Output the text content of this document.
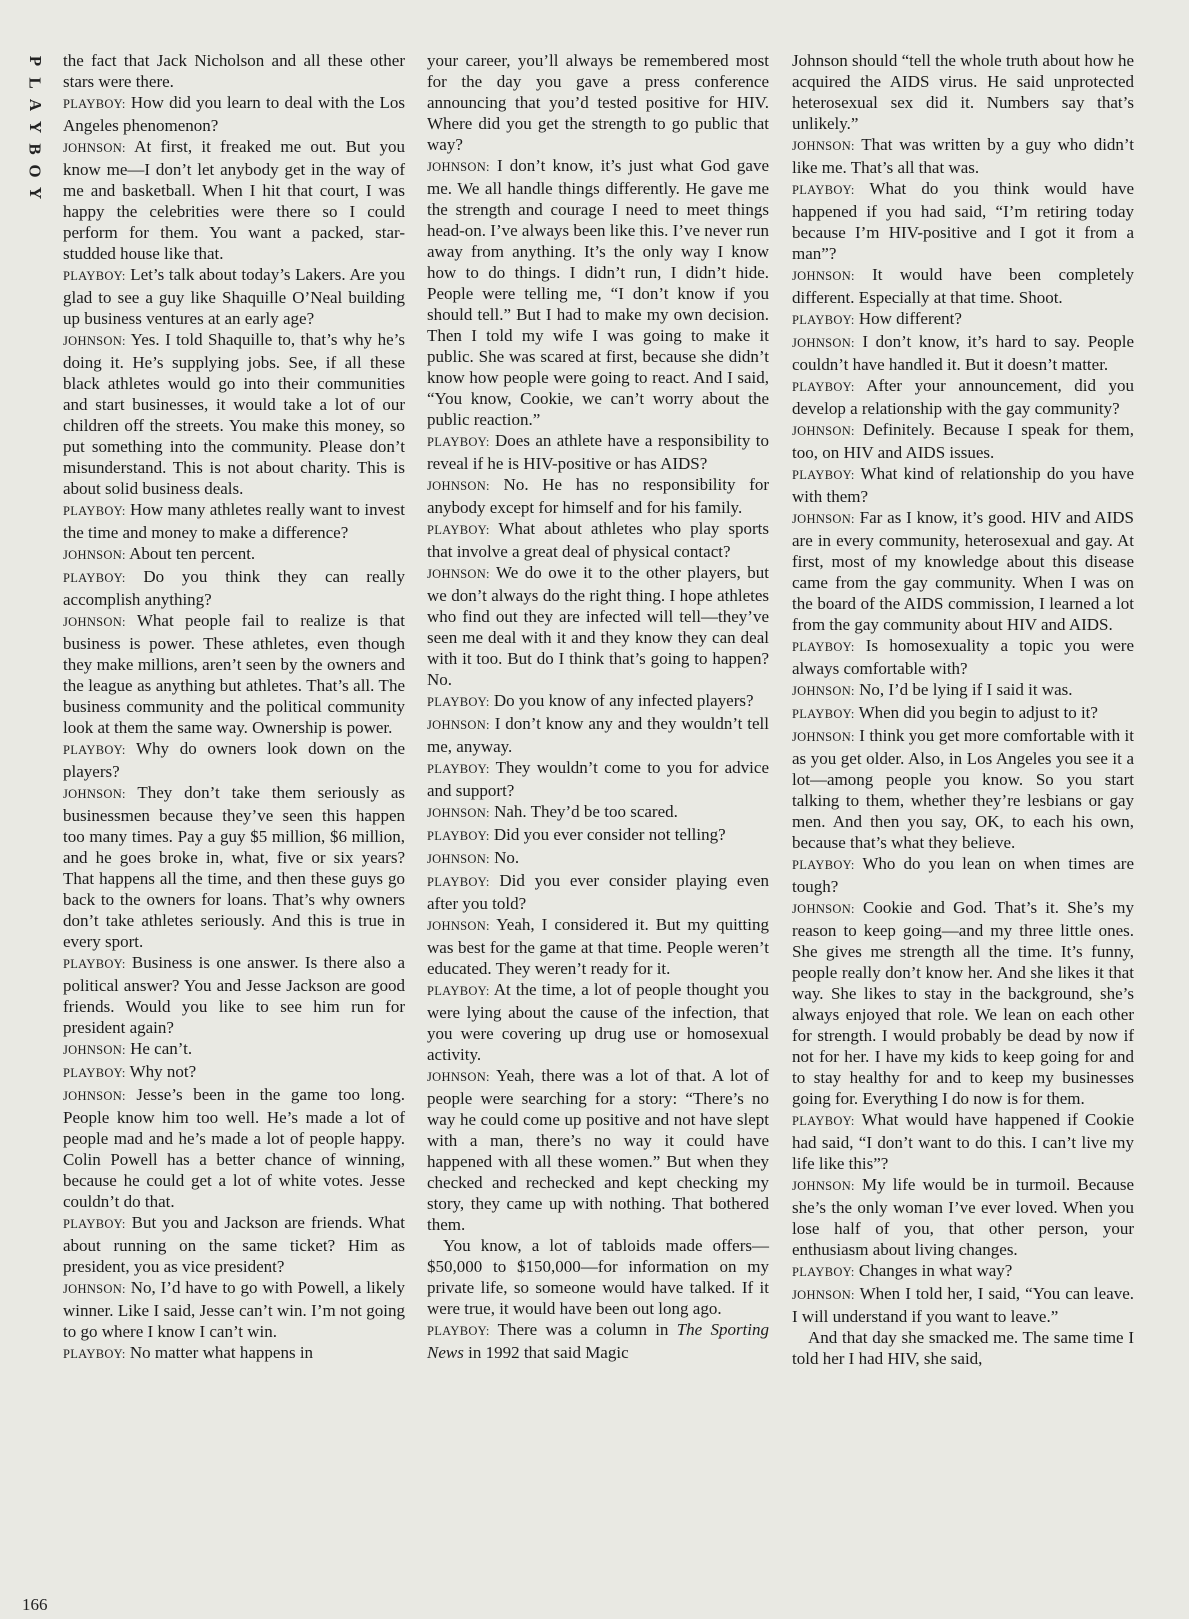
P
L
A
Y
B
O
Y
166

the fact that Jack Nicholson and all these other stars were there.

PLAYBOY: How did you learn to deal with the Los Angeles phenomenon?

JOHNSON: At first, it freaked me out. But you know me—I don’t let anybody get in the way of me and basketball. When I hit that court, I was happy the celebrities were there so I could perform for them. You want a packed, star-studded house like that.

PLAYBOY: Let’s talk about today’s Lakers. Are you glad to see a guy like Shaquille O’Neal building up business ventures at an early age?

JOHNSON: Yes. I told Shaquille to, that’s why he’s doing it. He’s supplying jobs. See, if all these black athletes would go into their communities and start businesses, it would take a lot of our children off the streets. You make this money, so put something into the community. Please don’t misunderstand. This is not about charity. This is about solid business deals.

PLAYBOY: How many athletes really want to invest the time and money to make a difference?

JOHNSON: About ten percent.

PLAYBOY: Do you think they can really accomplish anything?

JOHNSON: What people fail to realize is that business is power. These athletes, even though they make millions, aren’t seen by the owners and the league as anything but athletes. That’s all. The business community and the political community look at them the same way. Ownership is power.

PLAYBOY: Why do owners look down on the players?

JOHNSON: They don’t take them seriously as businessmen because they’ve seen this happen too many times. Pay a guy $5 million, $6 million, and he goes broke in, what, five or six years? That happens all the time, and then these guys go back to the owners for loans. That’s why owners don’t take athletes seriously. And this is true in every sport.

PLAYBOY: Business is one answer. Is there also a political answer? You and Jesse Jackson are good friends. Would you like to see him run for president again?

JOHNSON: He can’t.

PLAYBOY: Why not?

JOHNSON: Jesse’s been in the game too long. People know him too well. He’s made a lot of people mad and he’s made a lot of people happy. Colin Powell has a better chance of winning, because he could get a lot of white votes. Jesse couldn’t do that.

PLAYBOY: But you and Jackson are friends. What about running on the same ticket? Him as president, you as vice president?

JOHNSON: No, I’d have to go with Powell, a likely winner. Like I said, Jesse can’t win. I’m not going to go where I know I can’t win.

PLAYBOY: No matter what happens in

your career, you’ll always be remembered most for the day you gave a press conference announcing that you’d tested positive for HIV. Where did you get the strength to go public that way?

JOHNSON: I don’t know, it’s just what God gave me. We all handle things differently. He gave me the strength and courage I need to meet things head-on. I’ve always been like this. I’ve never run away from anything. It’s the only way I know how to do things. I didn’t run, I didn’t hide. People were telling me, “I don’t know if you should tell.” But I had to make my own decision. Then I told my wife I was going to make it public. She was scared at first, because she didn’t know how people were going to react. And I said, “You know, Cookie, we can’t worry about the public reaction.”

PLAYBOY: Does an athlete have a responsibility to reveal if he is HIV-positive or has AIDS?

JOHNSON: No. He has no responsibility for anybody except for himself and for his family.

PLAYBOY: What about athletes who play sports that involve a great deal of physical contact?

JOHNSON: We do owe it to the other players, but we don’t always do the right thing. I hope athletes who find out they are infected will tell—they’ve seen me deal with it and they know they can deal with it too. But do I think that’s going to happen? No.

PLAYBOY: Do you know of any infected players?

JOHNSON: I don’t know any and they wouldn’t tell me, anyway.

PLAYBOY: They wouldn’t come to you for advice and support?

JOHNSON: Nah. They’d be too scared.

PLAYBOY: Did you ever consider not telling?

JOHNSON: No.

PLAYBOY: Did you ever consider playing even after you told?

JOHNSON: Yeah, I considered it. But my quitting was best for the game at that time. People weren’t educated. They weren’t ready for it.

PLAYBOY: At the time, a lot of people thought you were lying about the cause of the infection, that you were covering up drug use or homosexual activity.

JOHNSON: Yeah, there was a lot of that. A lot of people were searching for a story: “There’s no way he could come up positive and not have slept with a man, there’s no way it could have happened with all these women.” But when they checked and rechecked and kept checking my story, they came up with nothing. That bothered them.

You know, a lot of tabloids made offers—$50,000 to $150,000—for information on my private life, so someone would have talked. If it were true, it would have been out long ago.

PLAYBOY: There was a column in The Sporting News in 1992 that said Magic

Johnson should “tell the whole truth about how he acquired the AIDS virus. He said unprotected heterosexual sex did it. Numbers say that’s unlikely.”

JOHNSON: That was written by a guy who didn’t like me. That’s all that was.

PLAYBOY: What do you think would have happened if you had said, “I’m retiring today because I’m HIV-positive and I got it from a man”?

JOHNSON: It would have been completely different. Especially at that time. Shoot.

PLAYBOY: How different?

JOHNSON: I don’t know, it’s hard to say. People couldn’t have handled it. But it doesn’t matter.

PLAYBOY: After your announcement, did you develop a relationship with the gay community?

JOHNSON: Definitely. Because I speak for them, too, on HIV and AIDS issues.

PLAYBOY: What kind of relationship do you have with them?

JOHNSON: Far as I know, it’s good. HIV and AIDS are in every community, heterosexual and gay. At first, most of my knowledge about this disease came from the gay community. When I was on the board of the AIDS commission, I learned a lot from the gay community about HIV and AIDS.

PLAYBOY: Is homosexuality a topic you were always comfortable with?

JOHNSON: No, I’d be lying if I said it was.

PLAYBOY: When did you begin to adjust to it?

JOHNSON: I think you get more comfortable with it as you get older. Also, in Los Angeles you see it a lot—among people you know. So you start talking to them, whether they’re lesbians or gay men. And then you say, OK, to each his own, because that’s what they believe.

PLAYBOY: Who do you lean on when times are tough?

JOHNSON: Cookie and God. That’s it. She’s my reason to keep going—and my three little ones. She gives me strength all the time. It’s funny, people really don’t know her. And she likes it that way. She likes to stay in the background, she’s always enjoyed that role. We lean on each other for strength. I would probably be dead by now if not for her. I have my kids to keep going for and to stay healthy for and to keep my businesses going for. Everything I do now is for them.

PLAYBOY: What would have happened if Cookie had said, “I don’t want to do this. I can’t live my life like this”?

JOHNSON: My life would be in turmoil. Because she’s the only woman I’ve ever loved. When you lose half of you, that other person, your enthusiasm about living changes.

PLAYBOY: Changes in what way?

JOHNSON: When I told her, I said, “You can leave. I will understand if you want to leave.”

And that day she smacked me. The same time I told her I had HIV, she said,
